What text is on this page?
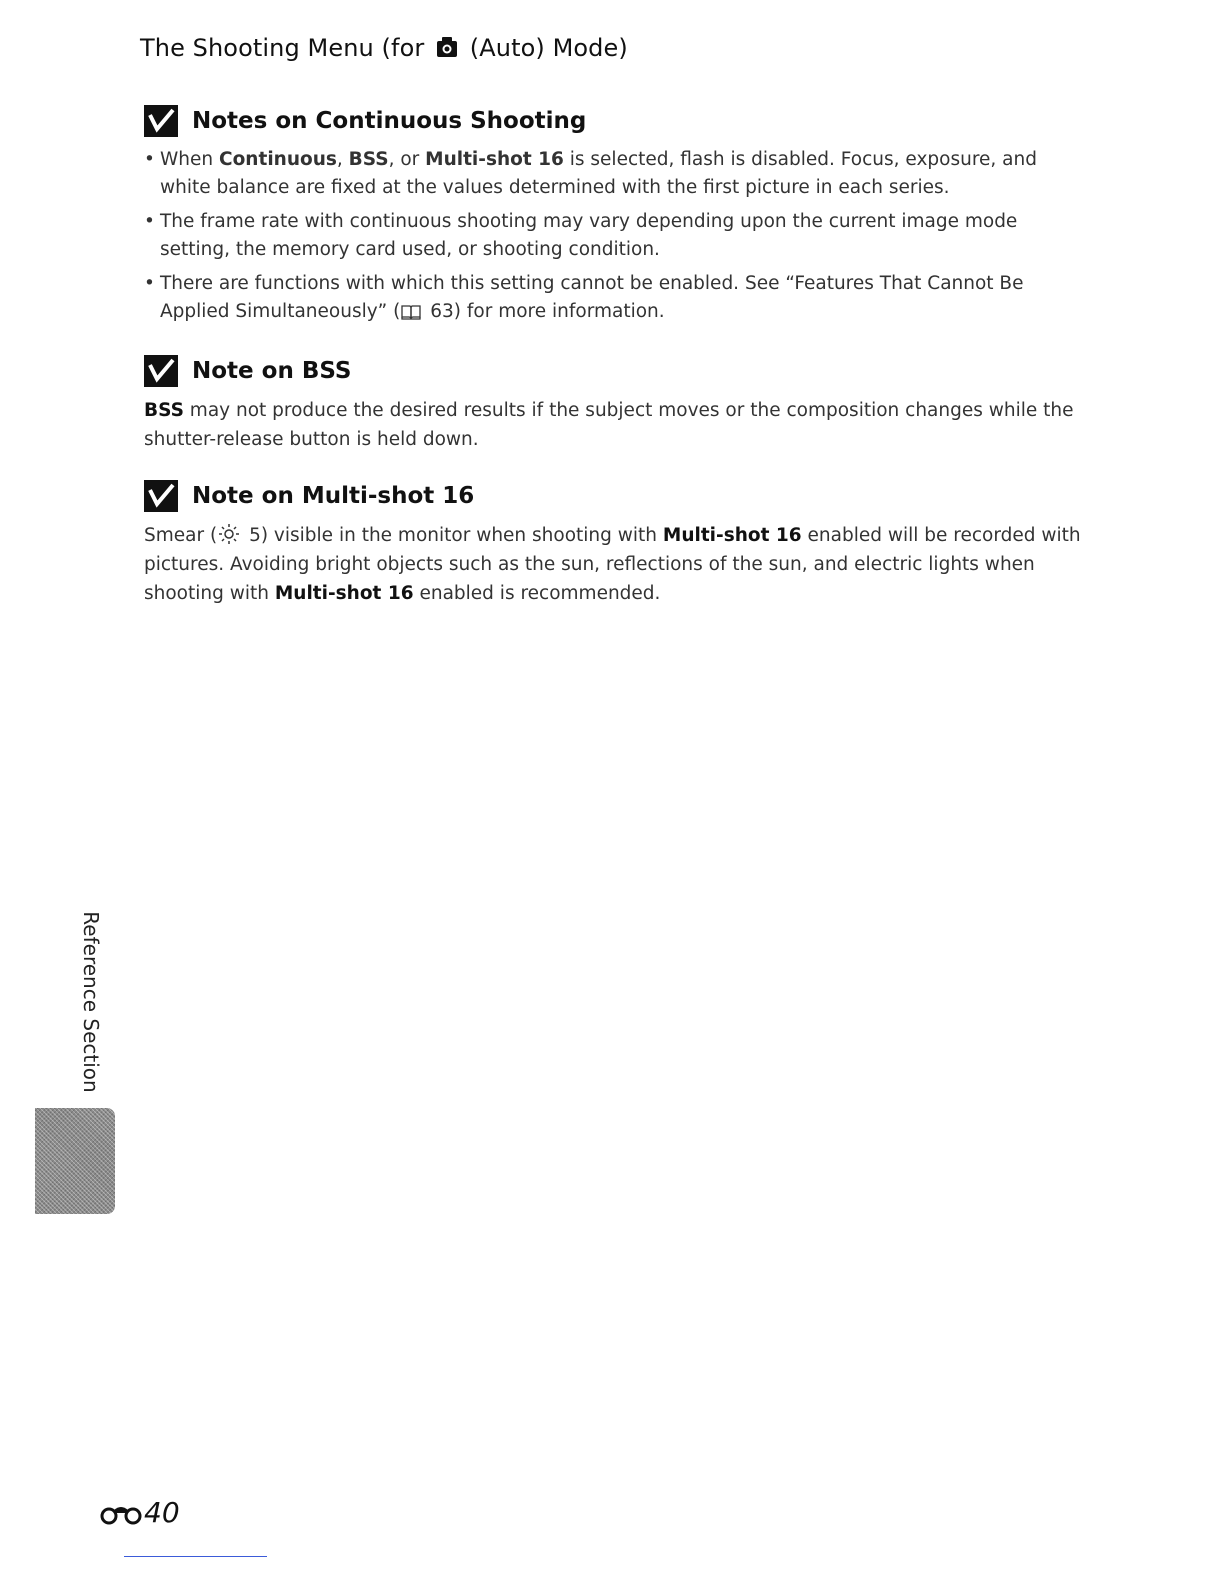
The Shooting Menu (for (Auto) Mode)
Notes on Continuous Shooting
• When Continuous, BSS, or Multi-shot 16 is selected, flash is disabled. Focus, exposure, and white balance are fixed at the values determined with the first picture in each series.
• The frame rate with continuous shooting may vary depending upon the current image mode setting, the memory card used, or shooting condition.
• There are functions with which this setting cannot be enabled. See “Features That Cannot Be Applied Simultaneously” ( 63) for more information.
Note on BSS
BSS may not produce the desired results if the subject moves or the composition changes while the shutter-release button is held down.
Note on Multi-shot 16
Smear ( 5) visible in the monitor when shooting with Multi-shot 16 enabled will be recorded with pictures. Avoiding bright objects such as the sun, reflections of the sun, and electric lights when shooting with Multi-shot 16 enabled is recommended.
Reference Section
40
